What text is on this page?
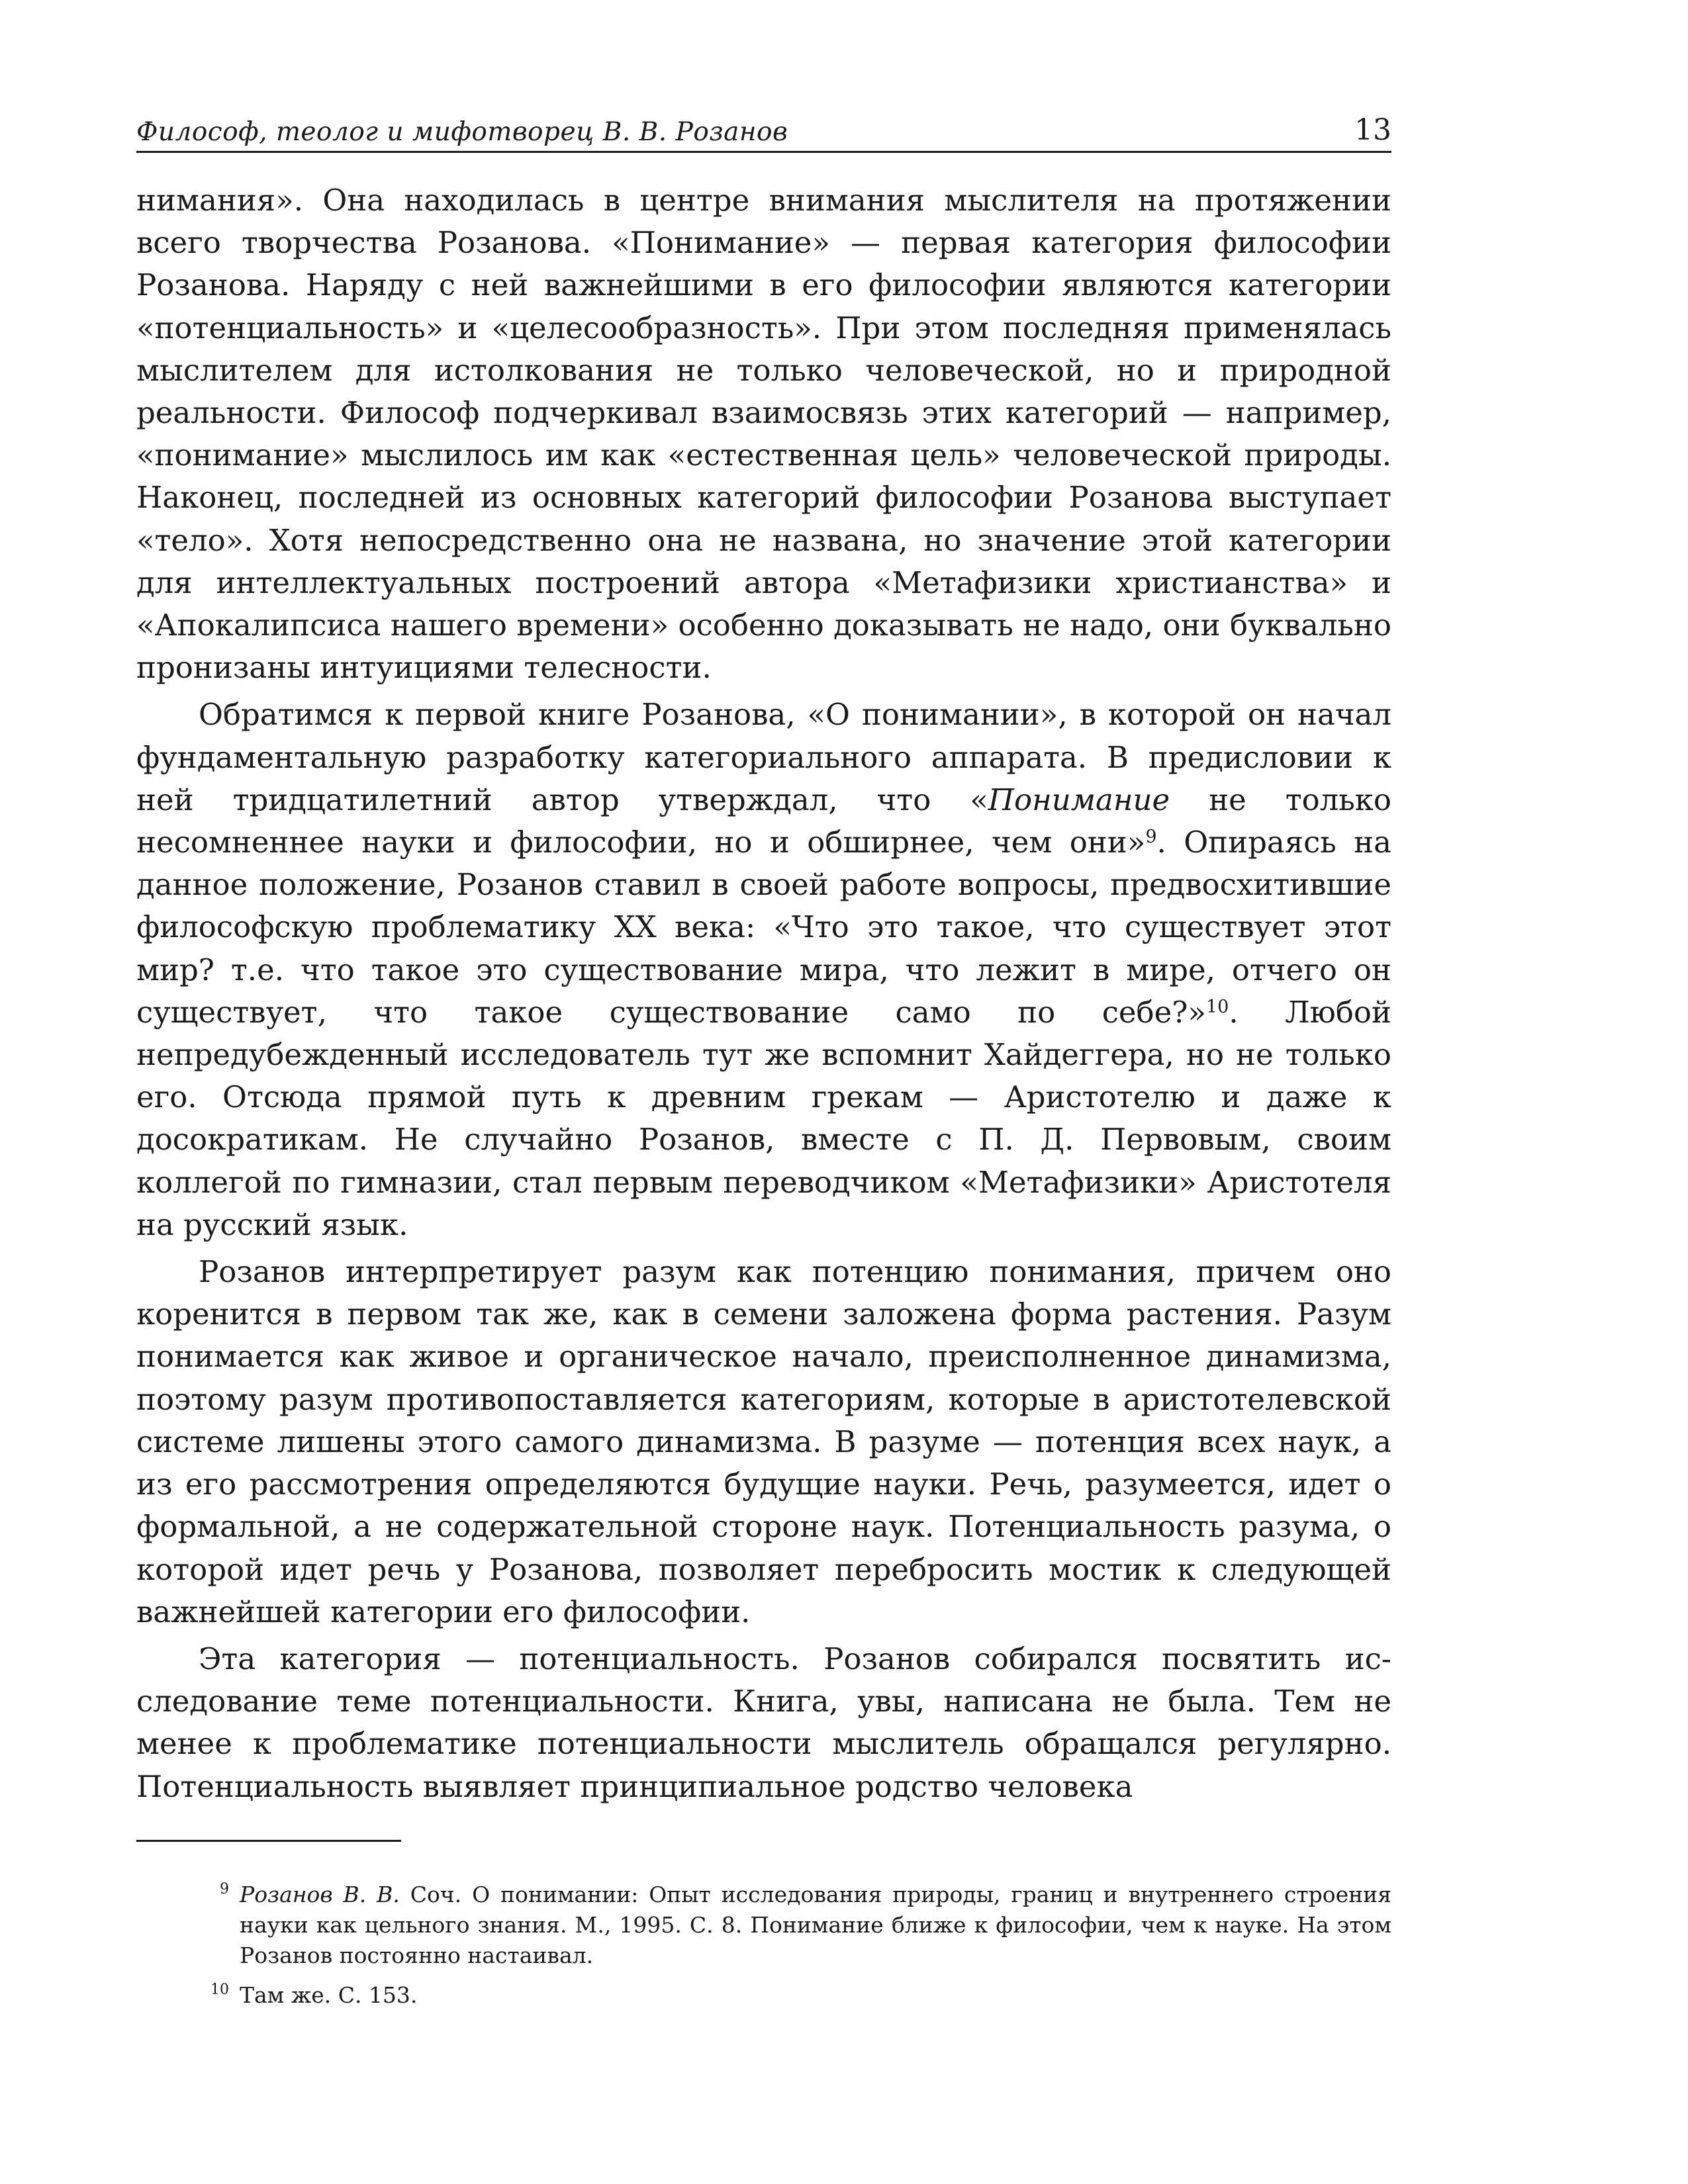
Философ, теолог и мифотворец В. В. Розанов	13

нимания». Она находилась в центре внимания мыслителя на протяжении всего творчества Розанова. «Понимание» — первая категория философии Розанова. Наряду с ней важнейшими в его философии являются категории «потенциальность» и «целесообразность». При этом последняя применялась мыслителем для истолкования не только человеческой, но и природной реальности. Философ подчеркивал взаимосвязь этих категорий — например, «понимание» мыслилось им как «естественная цель» человеческой природы. Наконец, последней из основных категорий философии Розанова выступает «тело». Хотя непосредственно она не названа, но значение этой категории для интеллектуальных построений автора «Метафизики христианства» и «Апокалипсиса нашего времени» особенно доказывать не надо, они буквально пронизаны интуициями телесности.

Обратимся к первой книге Розанова, «О понимании», в которой он начал фундаментальную разработку категориального аппарата. В предисловии к ней тридцатилетний автор утверждал, что «Понимание не только несомненнее науки и философии, но и обширнее, чем они»$^9$. Опираясь на данное положение, Розанов ставил в своей работе вопросы, предвосхитившие философскую проблематику XX века: «Что это такое, что существует этот мир? т.е. что такое это существование мира, что лежит в мире, отчего он существует, что такое существование само по себе?»$^{10}$. Любой непредубежденный исследователь тут же вспомнит Хайдеггера, но не только его. Отсюда прямой путь к древним грекам — Аристотелю и даже к досократикам. Не случайно Розанов, вместе с П. Д. Первовым, своим коллегой по гимназии, стал первым переводчиком «Метафизики» Аристотеля на русский язык.

Розанов интерпретирует разум как потенцию понимания, причем оно коренится в первом так же, как в семени заложена форма растения. Разум понимается как живое и органическое начало, преисполненное динамизма, поэтому разум противопоставляется категориям, которые в аристотелевской системе лишены этого самого динамизма. В разуме — потенция всех наук, а из его рассмотрения определяются будущие науки. Речь, разумеется, идет о формальной, а не содержательной стороне наук. Потенциальность разума, о которой идет речь у Розанова, позволяет перебросить мостик к следующей важнейшей категории его философии.

Эта категория — потенциальность. Розанов собирался посвятить исследование теме потенциальности. Книга, увы, написана не была. Тем не менее к проблематике потенциальности мыслитель обращался регулярно. Потенциальность выявляет принципиальное родство человека

9 Розанов В. В. Соч. О понимании: Опыт исследования природы, границ и внутреннего строения науки как цельного знания. М., 1995. С. 8. Понимание ближе к философии, чем к науке. На этом Розанов постоянно настаивал.
10 Там же. С. 153.
